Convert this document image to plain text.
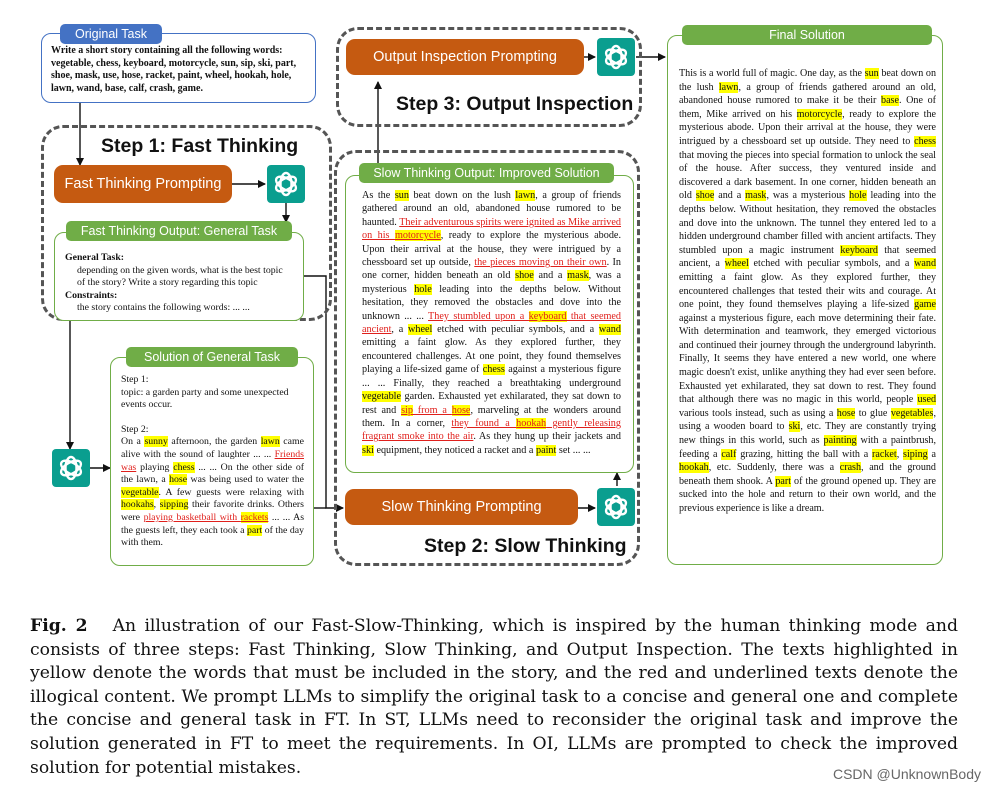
Write a short story containing all the following words: vegetable, chess, keyboard, motorcycle, sun, sip, ski, part, shoe, mask, use, hose, racket, paint, wheel, hookah, hole, lawn, wand, base, calf, crash, game.
Original Task
Step 1: Fast Thinking
Step 2: Slow Thinking
Step 3: Output Inspection
Fast Thinking Prompting
General Task:
depending on the given words, what is the best topic of the story? Write a story regarding this topic
Constraints:
the story contains the following words: ... ...
Fast Thinking Output: General Task
Step 1:
topic: a garden party and some unexpected events occur.
Step 2:
On a sunny afternoon, the garden lawn came alive with the sound of laughter ... ... Friends was playing chess ... ... On the other side of the lawn, a hose was being used to water the vegetable. A few guests were relaxing with hookahs, sipping their favorite drinks. Others were playing basketball with rackets ... ... As the guests left, they each took a part of the day with them.
Solution of General Task
As the sun beat down on the lush lawn, a group of friends gathered around an old, abandoned house rumored to be haunted. Their adventurous spirits were ignited as Mike arrived on his motorcycle, ready to explore the mysterious abode. Upon their arrival at the house, they were intrigued by a chessboard set up outside, the pieces moving on their own. In one corner, hidden beneath an old shoe and a mask, was a mysterious hole leading into the depths below. Without hesitation, they removed the obstacles and dove into the unknown ... ... They stumbled upon a keyboard that seemed ancient, a wheel etched with peculiar symbols, and a wand emitting a faint glow. As they explored further, they encountered challenges. At one point, they found themselves playing a life-sized game of chess against a mysterious figure ... ... Finally, they reached a breathtaking underground vegetable garden. Exhausted yet exhilarated, they sat down to rest and sip from a hose, marveling at the wonders around them. In a corner, they found a hookah gently releasing fragrant smoke into the air. As they hung up their jackets and ski equipment, they noticed a racket and a paint set ... ...
Slow Thinking Output: Improved Solution
Slow Thinking Prompting
Output Inspection Prompting
This is a world full of magic. One day, as the sun beat down on the lush lawn, a group of friends gathered around an old, abandoned house rumored to make it be their base. One of them, Mike arrived on his motorcycle, ready to explore the mysterious abode. Upon their arrival at the house, they were intrigued by a chessboard set up outside. They need to chess that moving the pieces into special formation to unlock the seal of the house. After success, they ventured inside and discovered a dark basement. In one corner, hidden beneath an old shoe and a mask, was a mysterious hole leading into the depths below. Without hesitation, they removed the obstacles and dove into the unknown. The tunnel they entered led to a hidden underground chamber filled with ancient artifacts. They stumbled upon a magic instrument keyboard that seemed ancient, a wheel etched with peculiar symbols, and a wand emitting a faint glow. As they explored further, they encountered challenges that tested their wits and courage. At one point, they found themselves playing a life-sized game against a mysterious figure, each move determining their fate. With determination and teamwork, they emerged victorious and continued their journey through the underground labyrinth. Finally, It seems they have entered a new world, one where magic doesn't exist, unlike anything they had ever seen before. Exhausted yet exhilarated, they sat down to rest. They found that although there was no magic in this world, people used various tools instead, such as using a hose to glue vegetables, using a wooden board to ski, etc. They are constantly trying new things in this world, such as painting with a paintbrush, feeding a calf grazing, hitting the ball with a racket, siping a hookah, etc. Suddenly, there was a crash, and the ground beneath them shook. A part of the ground opened up. They are sucked into the hole and return to their own world, and the previous experience is like a dream.
Final Solution
Fig. 2 An illustration of our Fast-Slow-Thinking, which is inspired by the human thinking mode and consists of three steps: Fast Thinking, Slow Thinking, and Output Inspection. The texts highlighted in yellow denote the words that must be included in the story, and the red and underlined texts denote the illogical content. We prompt LLMs to simplify the original task to a concise and general one and complete the concise and general task in FT. In ST, LLMs need to reconsider the original task and improve the solution generated in FT to meet the requirements. In OI, LLMs are prompted to check the improved solution for potential mistakes.	CSDN @UnknownBody
